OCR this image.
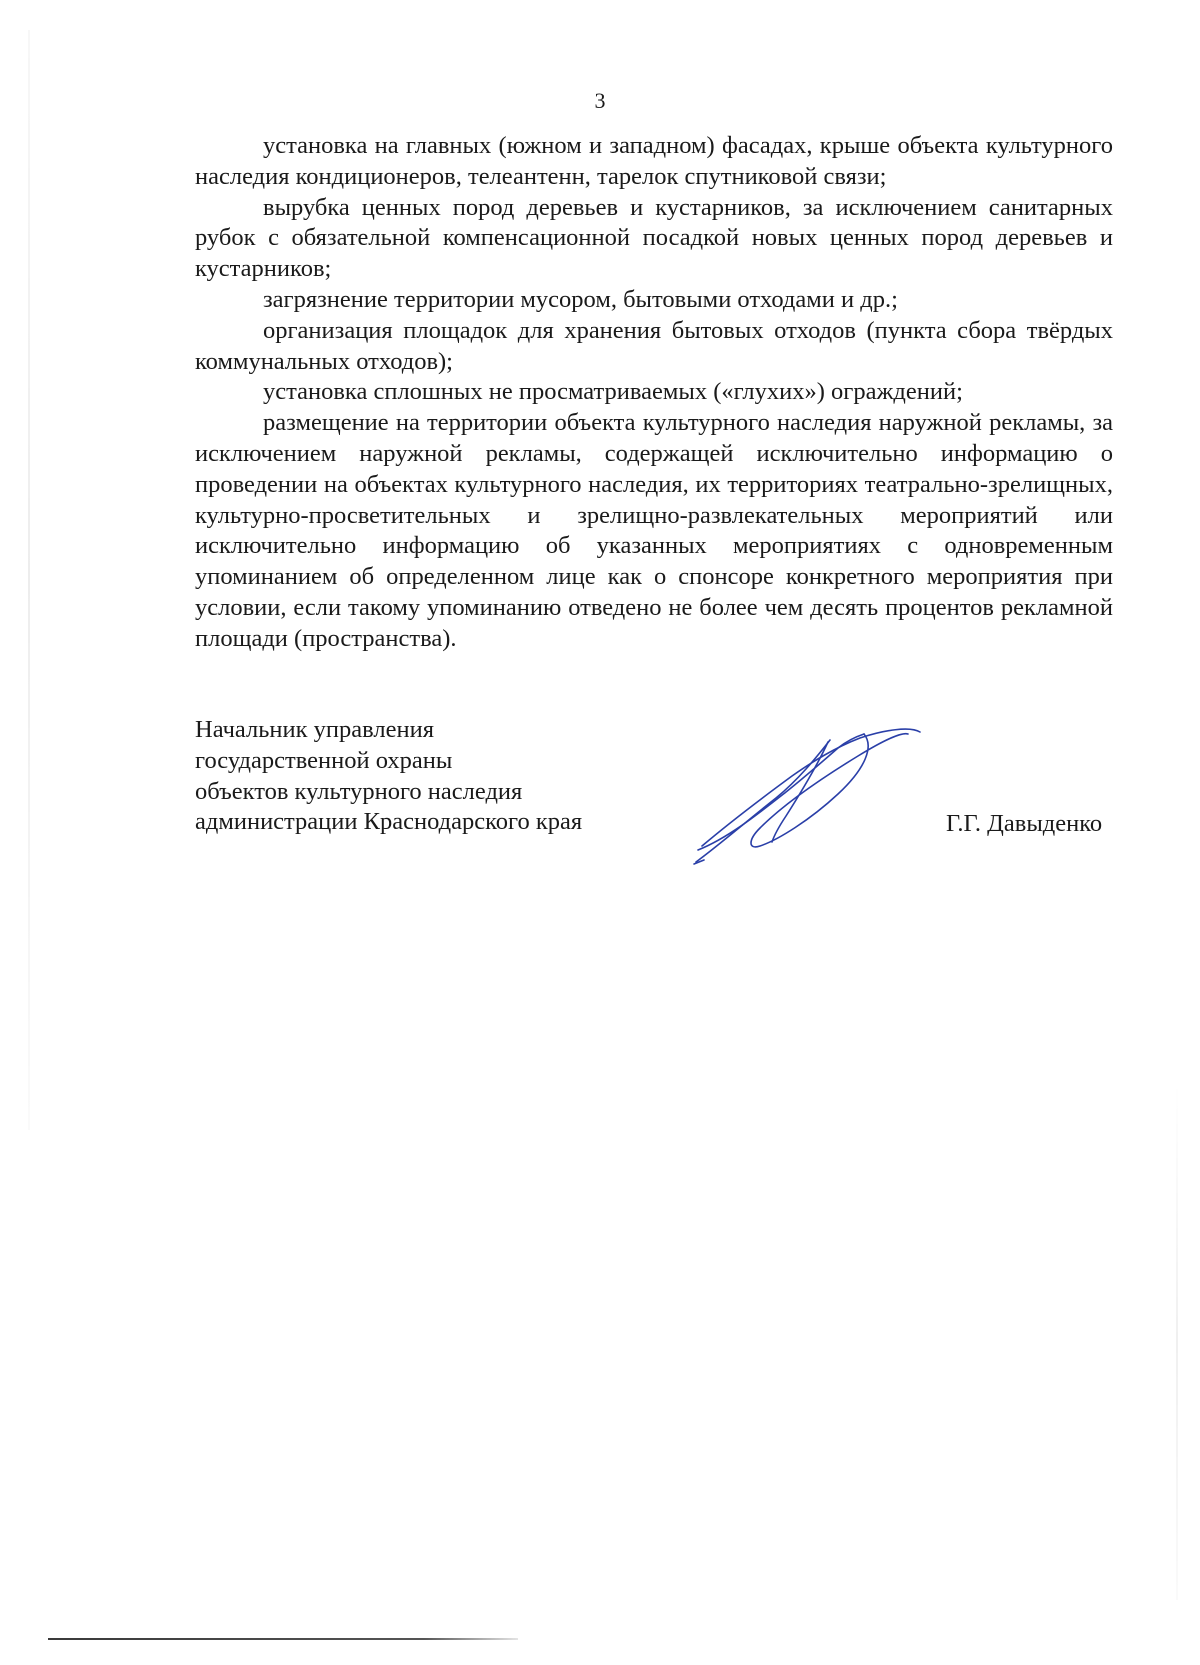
3

установка на главных (южном и западном) фасадах, крыше объекта культурного наследия кондиционеров, телеантенн, тарелок спутниковой связи;

вырубка ценных пород деревьев и кустарников, за исключением санитарных рубок с обязательной компенсационной посадкой новых ценных пород деревьев и кустарников;

загрязнение территории мусором, бытовыми отходами и др.;

организация площадок для хранения бытовых отходов (пункта сбора твёрдых коммунальных отходов);

установка сплошных не просматриваемых («глухих») ограждений;

размещение на территории объекта культурного наследия наружной рекламы, за исключением наружной рекламы, содержащей исключительно информацию о проведении на объектах культурного наследия, их территориях театрально-зрелищных, культурно-просветительных и зрелищно-развлекательных мероприятий или исключительно информацию об указанных мероприятиях с одновременным упоминанием об определенном лице как о спонсоре конкретного мероприятия при условии, если такому упоминанию отведено не более чем десять процентов рекламной площади (пространства).

Начальник управления
государственной охраны
объектов культурного наследия
администрации Краснодарского края	Г.Г. Давыденко
